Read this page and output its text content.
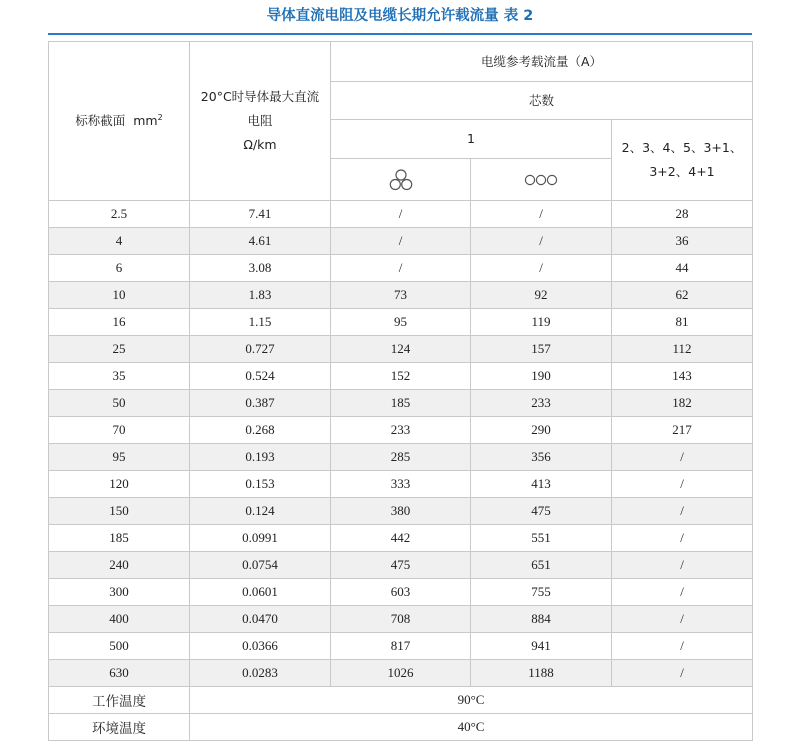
导体直流电阻及电缆长期允许载流量 表 2
标称截面 $mm^2$	20°C时导体最大直流
电阻
Ω/km	电缆参考载流量（A）		
		芯数		
		1		2、3、4、5、3+1、
3+2、4+1

2.5	7.41	/	/	28
4	4.61	/	/	36
6	3.08	/	/	44
10	1.83	73	92	62
16	1.15	95	119	81
25	0.727	124	157	112
35	0.524	152	190	143
50	0.387	185	233	182
70	0.268	233	290	217
95	0.193	285	356	/
120	0.153	333	413	/
150	0.124	380	475	/
185	0.0991	442	551	/
240	0.0754	475	651	/
300	0.0601	603	755	/
400	0.0470	708	884	/
500	0.0366	817	941	/
630	0.0283	1026	1188	/
工作温度	90°C			
环境温度	40°C			
